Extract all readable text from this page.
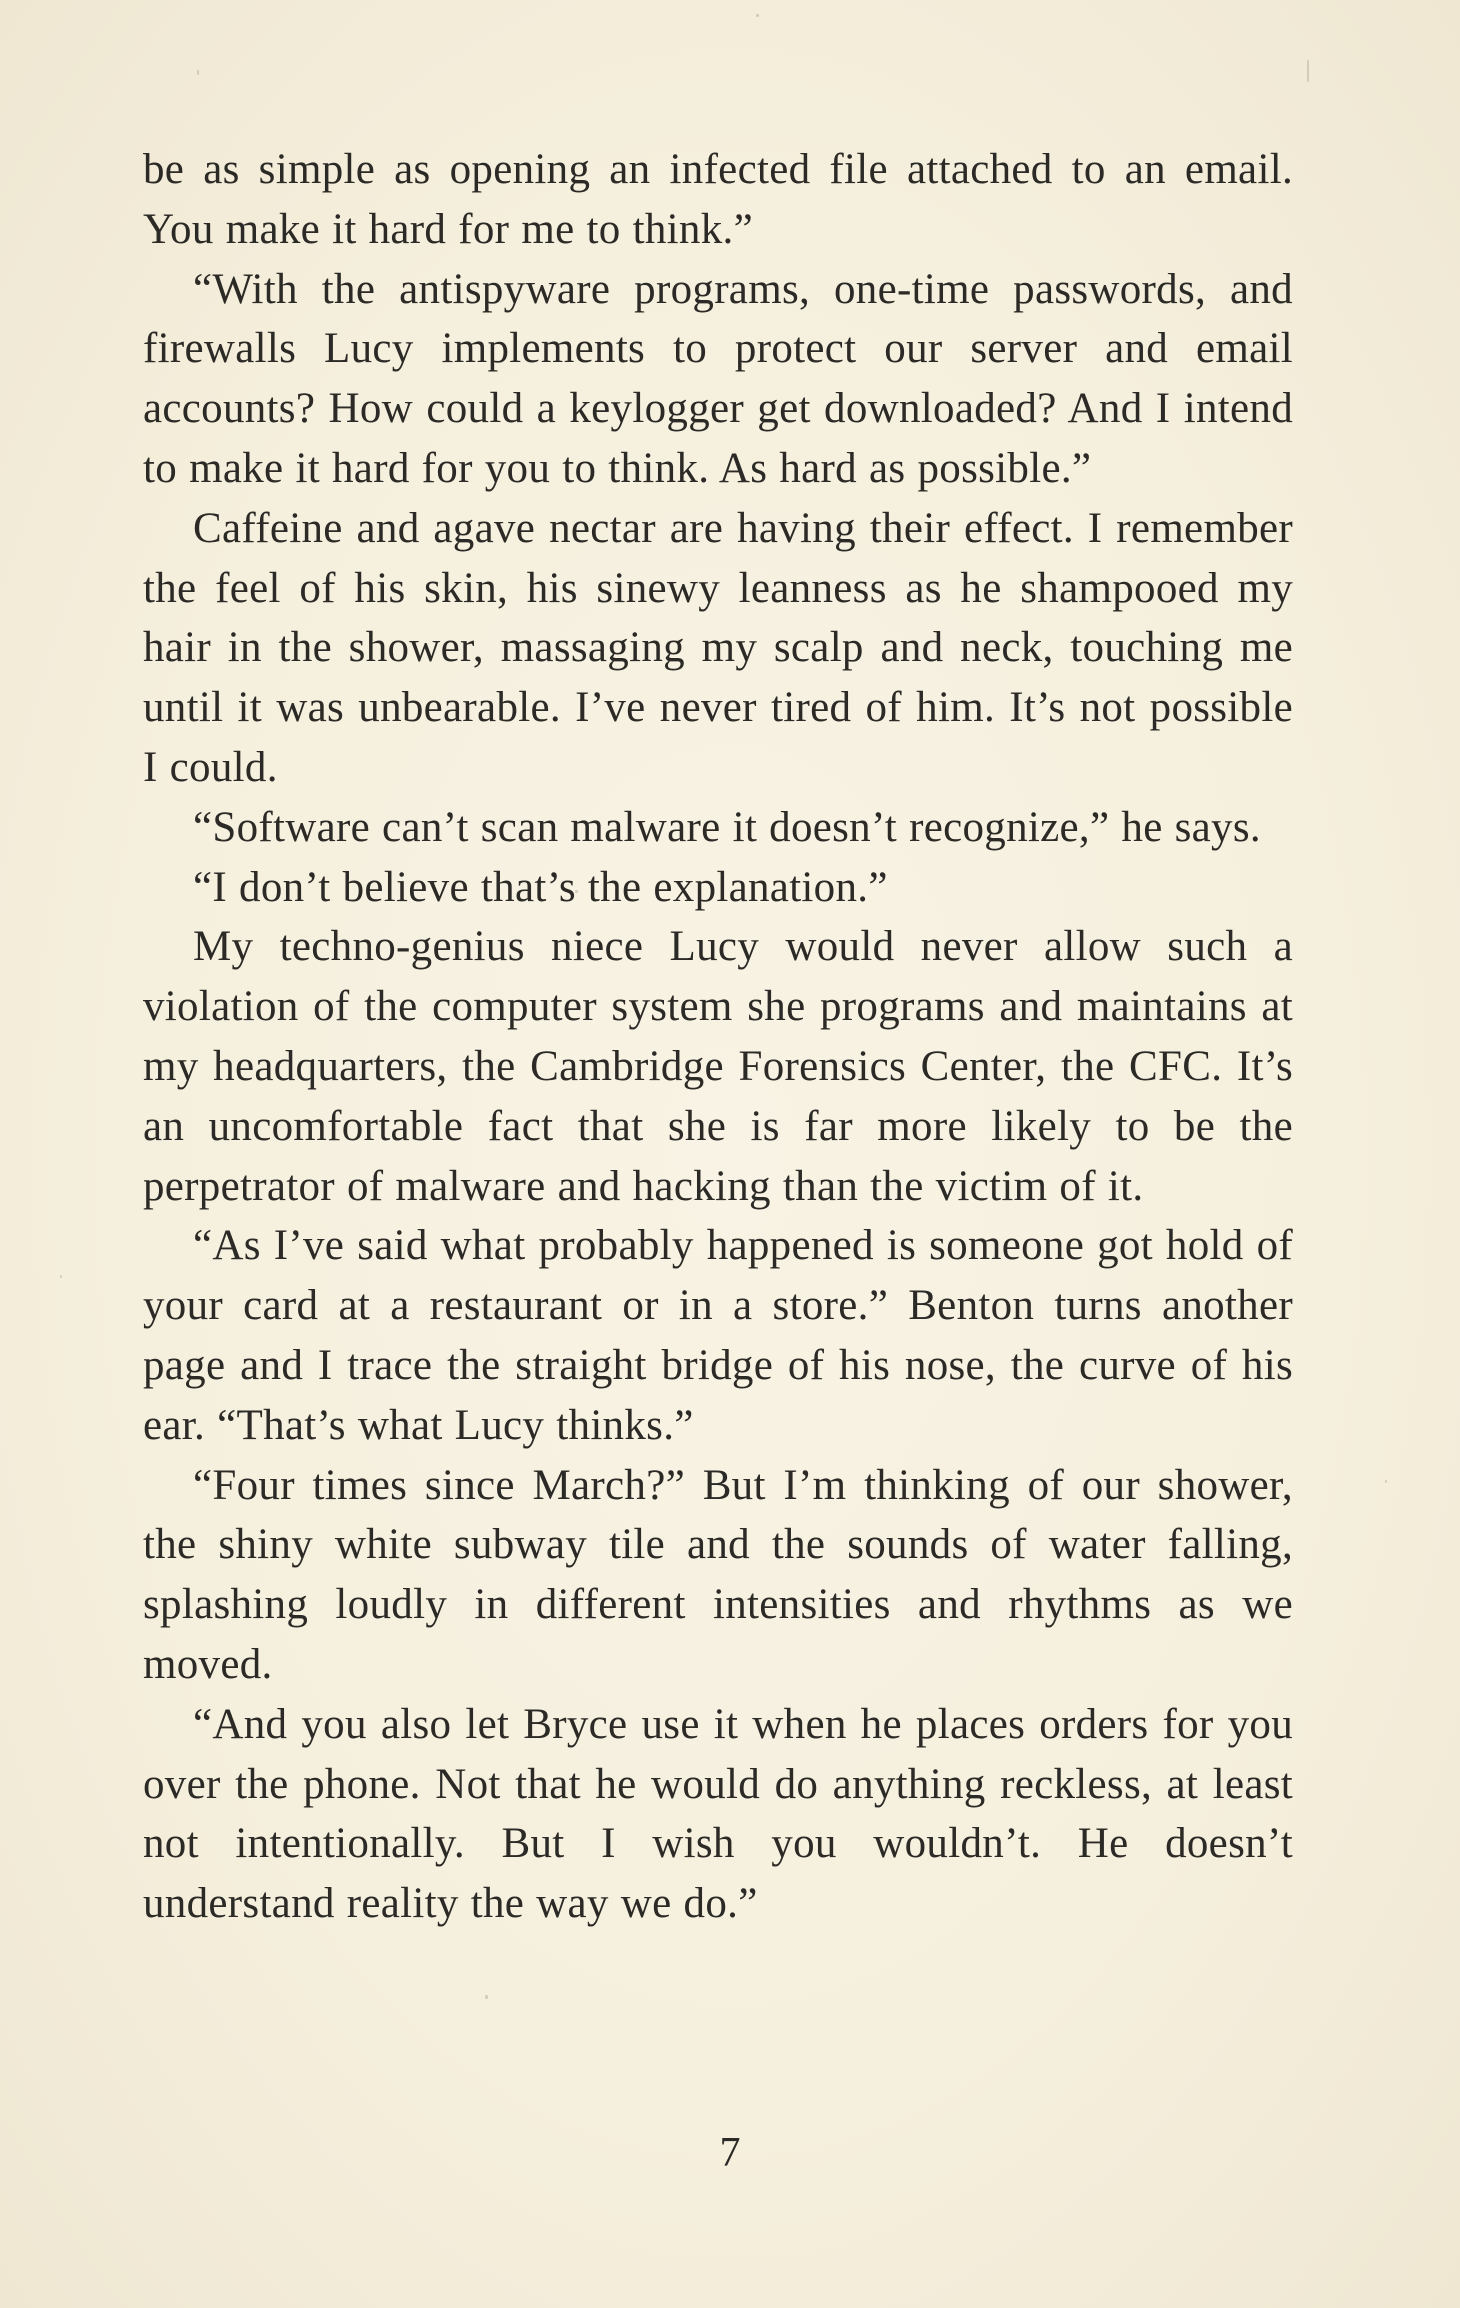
be as simple as opening an infected file attached to an email. You make it hard for me to think.”

“With the antispyware programs, one-time passwords, and firewalls Lucy implements to protect our server and email accounts? How could a keylogger get downloaded? And I intend to make it hard for you to think. As hard as possible.”

Caffeine and agave nectar are having their effect. I remember the feel of his skin, his sinewy leanness as he shampooed my hair in the shower, massaging my scalp and neck, touching me until it was unbearable. I’ve never tired of him. It’s not possible I could.

“Software can’t scan malware it doesn’t recognize,” he says.

“I don’t believe that’s the explanation.”

My techno-genius niece Lucy would never allow such a violation of the computer system she programs and maintains at my headquarters, the Cambridge Forensics Center, the CFC. It’s an uncomfortable fact that she is far more likely to be the perpetrator of malware and hacking than the victim of it.

“As I’ve said what probably happened is someone got hold of your card at a restaurant or in a store.” Benton turns another page and I trace the straight bridge of his nose, the curve of his ear. “That’s what Lucy thinks.”

“Four times since March?” But I’m thinking of our shower, the shiny white subway tile and the sounds of water falling, splashing loudly in different intensities and rhythms as we moved.

“And you also let Bryce use it when he places orders for you over the phone. Not that he would do anything reckless, at least not intentionally. But I wish you wouldn’t. He doesn’t understand reality the way we do.”

7
